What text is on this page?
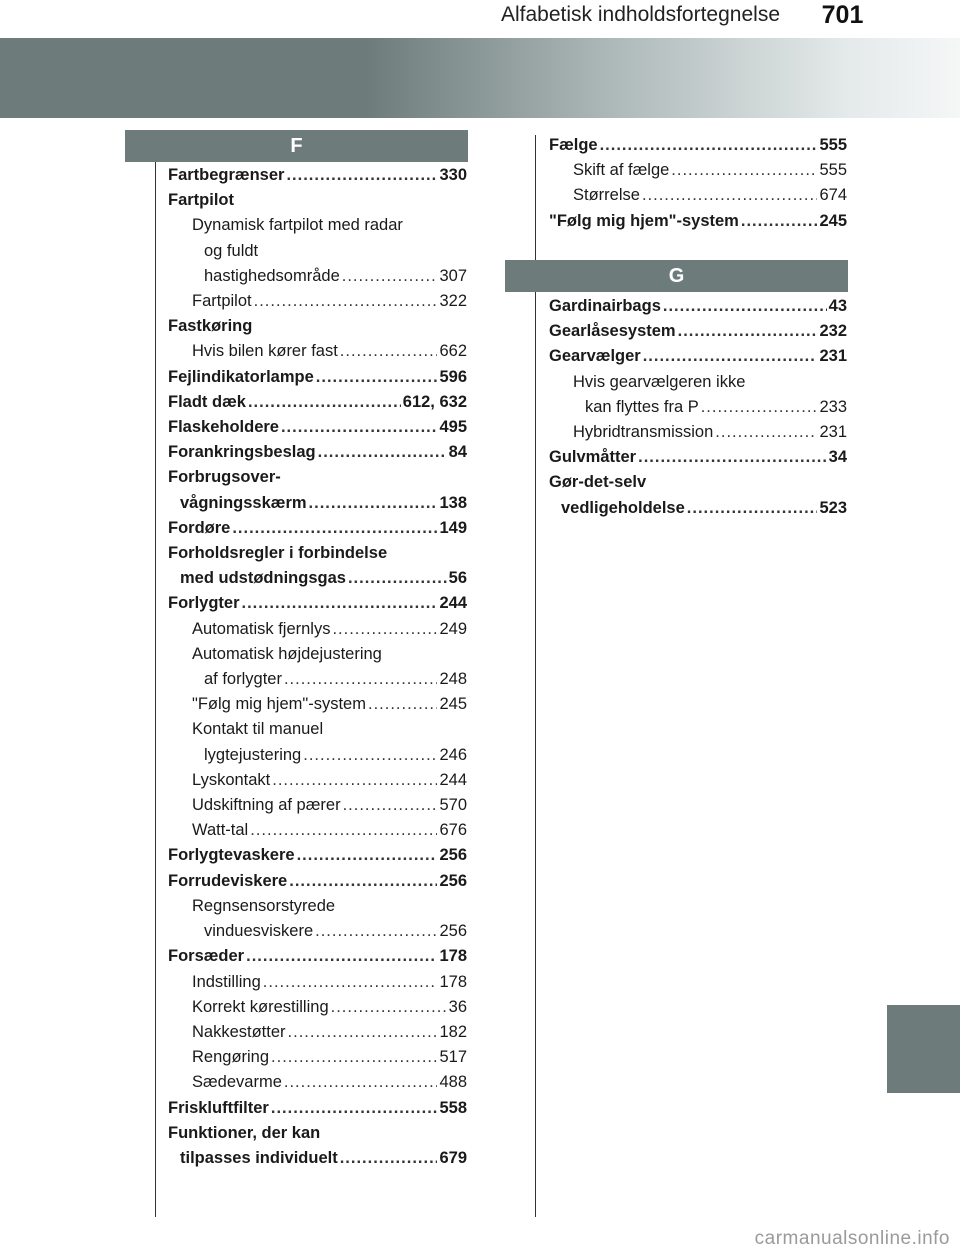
Alfabetisk indholdsfortegnelse	701
F
Fartbegrænser .....	330
Fartpilot
Dynamisk fartpilot med radar
og fuldt
hastighedsområde .....	307
Fartpilot .....	322
Fastkøring
Hvis bilen kører fast .....	662
Fejlindikatorlampe .....	596
Fladt dæk .....	612, 632
Flaskeholdere .....	495
Forankringsbeslag .....	84
Forbrugsover-
vågningsskærm .....	138
Fordøre .....	149
Forholdsregler i forbindelse
med udstødningsgas .....	56
Forlygter .....	244
Automatisk fjernlys .....	249
Automatisk højdejustering
af forlygter .....	248
"Følg mig hjem"-system .....	245
Kontakt til manuel
lygtejustering .....	246
Lyskontakt .....	244
Udskiftning af pærer .....	570
Watt-tal .....	676
Forlygtevaskere .....	256
Forrudeviskere .....	256
Regnsensorstyrede
vinduesviskere .....	256
Forsæder .....	178
Indstilling .....	178
Korrekt kørestilling .....	36
Nakkestøtter .....	182
Rengøring .....	517
Sædevarme .....	488
Friskluftfilter .....	558
Funktioner, der kan
tilpasses individuelt .....	679
Fælge .....	555
Skift af fælge .....	555
Størrelse .....	674
"Følg mig hjem"-system .....	245
G
Gardinairbags .....	43
Gearlåsesystem .....	232
Gearvælger .....	231
Hvis gearvælgeren ikke
kan flyttes fra P .....	233
Hybridtransmission .....	231
Gulvmåtter .....	34
Gør-det-selv
vedligeholdelse .....	523
carmanualsonline.info
